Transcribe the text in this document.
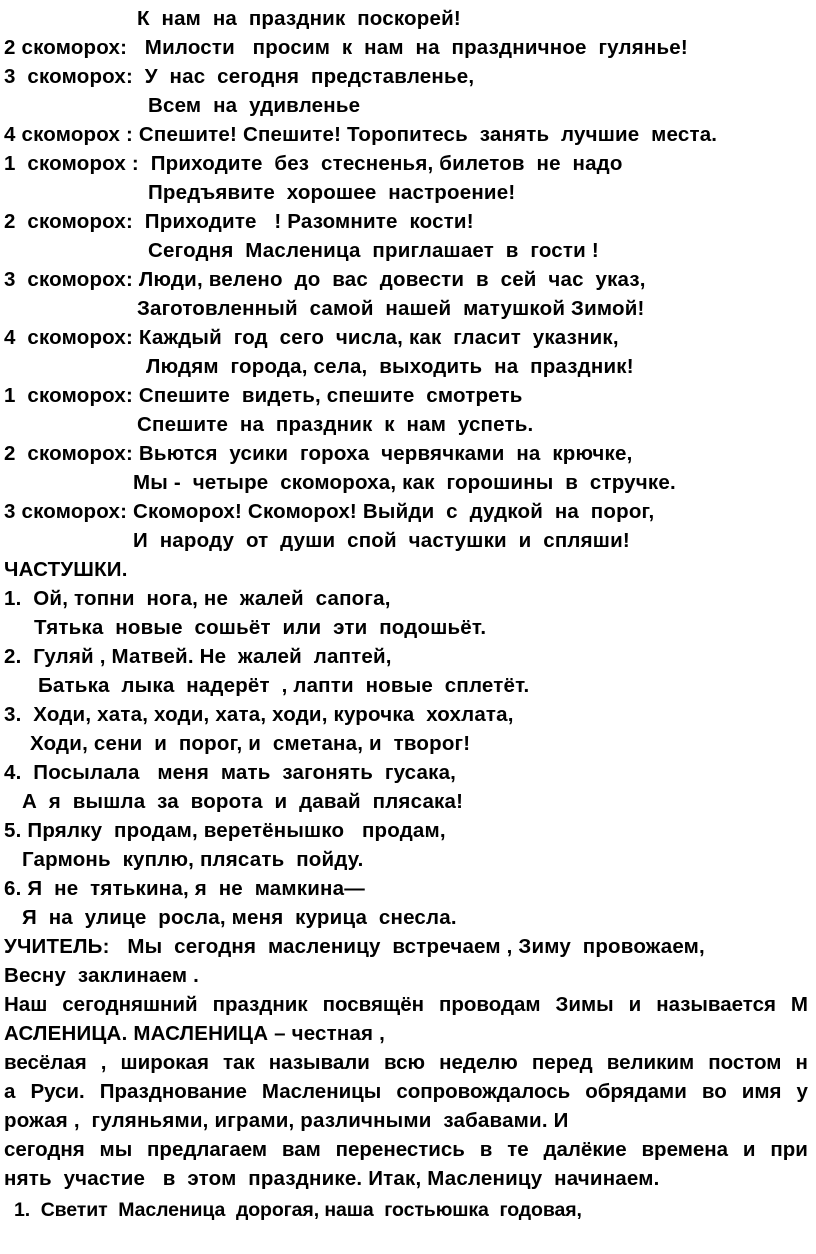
К  нам  на  праздник  поскорей!
2 скоморох:   Милости   просим  к  нам  на  праздничное  гулянье!
3  скоморох:  У  нас  сегодня  представленье,
Всем  на  удивленье
4 скоморох : Спешите! Спешите! Торопитесь  занять  лучшие  места.
1  скоморох :  Приходите  без  стесненья, билетов  не  надо
Предъявите  хорошее  настроение!
2  скоморох:  Приходите   ! Разомните  кости!
Сегодня  Масленица  приглашает  в  гости !
3  скоморох: Люди, велено  до  вас  довести  в  сей  час  указ,
Заготовленный  самой  нашей  матушкой Зимой!
4  скоморох: Каждый  год  сего  числа, как  гласит  указник,
Людям  города, села,  выходить  на  праздник!
1  скоморох: Спешите  видеть, спешите  смотреть
Спешите  на  праздник  к  нам  успеть.
2  скоморох: Вьются  усики  гороха  червячками  на  крючке,
Мы -  четыре  скомороха, как  горошины  в  стручке.
3 скоморох: Скоморох! Скоморох! Выйди  с  дудкой  на  порог,
И  народу  от  души  спой  частушки  и  спляши!
ЧАСТУШКИ.
1.  Ой, топни  нога, не  жалей  сапога,
Тятька  новые  сошьёт  или  эти  подошьёт.
2.  Гуляй , Матвей. Не  жалей  лаптей,
Батька  лыка  надерёт  , лапти  новые  сплетёт.
3.  Ходи, хата, ходи, хата, ходи, курочка  хохлата,
Ходи, сени  и  порог, и  сметана, и  творог!
4.  Посылала   меня  мать  загонять  гусака,
А  я  вышла  за  ворота  и  давай  плясака!
5. Прялку  продам, веретёнышко   продам,
Гармонь  куплю, плясать  пойду.
6. Я  не  тятькина, я  не  мамкина—
Я  на  улице  росла, меня  курица  снесла.
УЧИТЕЛЬ:   Мы  сегодня  масленицу  встречаем , Зиму  провожаем,
Весну  заклинаем .
Наш сегодняшний праздник посвящён проводам Зимы и называется М
АСЛЕНИЦА. МАСЛЕНИЦА – честная ,
весёлая , широкая так называли всю неделю перед великим постом н
а Руси. Празднование Масленицы сопровождалось обрядами во имя у
рожая ,  гуляньями, играми, различными  забавами. И
сегодня мы предлагаем вам перенестись в те далёкие времена и при
нять  участие   в  этом  празднике. Итак, Масленицу  начинаем.
1.  Светит  Масленица  дорогая, наша  гостьюшка  годовая,
